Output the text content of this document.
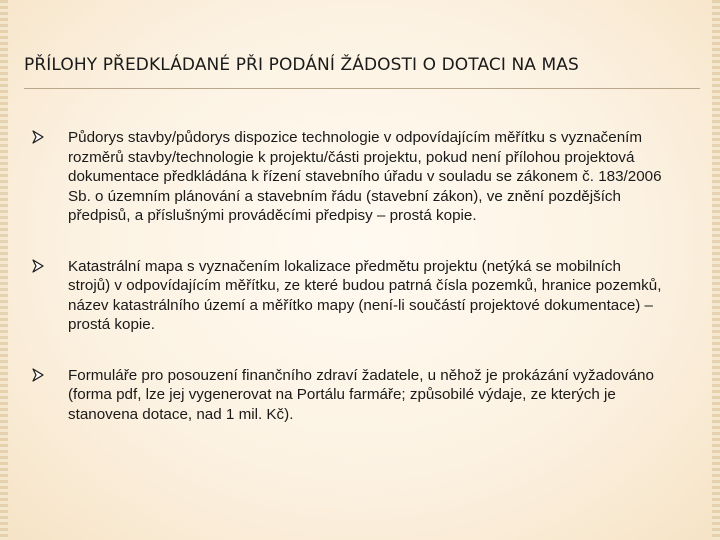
PŘÍLOHY PŘEDKLÁDANÉ PŘI PODÁNÍ ŽÁDOSTI O DOTACI NA MAS
Půdorys stavby/půdorys dispozice technologie v odpovídajícím měřítku s vyznačením rozměrů stavby/technologie k projektu/části projektu, pokud není přílohou projektová dokumentace předkládána k řízení stavebního úřadu v souladu se zákonem č. 183/2006 Sb. o územním plánování a stavebním řádu (stavební zákon), ve znění pozdějších předpisů, a příslušnými prováděcími předpisy – prostá kopie.
Katastrální mapa s vyznačením lokalizace předmětu projektu (netýká se mobilních strojů) v odpovídajícím měřítku, ze které budou patrná čísla pozemků, hranice pozemků, název katastrálního území a měřítko mapy (není-li součástí projektové dokumentace) – prostá kopie.
Formuláře pro posouzení finančního zdraví žadatele, u něhož je prokázání vyžadováno (forma pdf, lze jej vygenerovat na Portálu farmáře; způsobilé výdaje, ze kterých je stanovena dotace, nad 1 mil. Kč).
